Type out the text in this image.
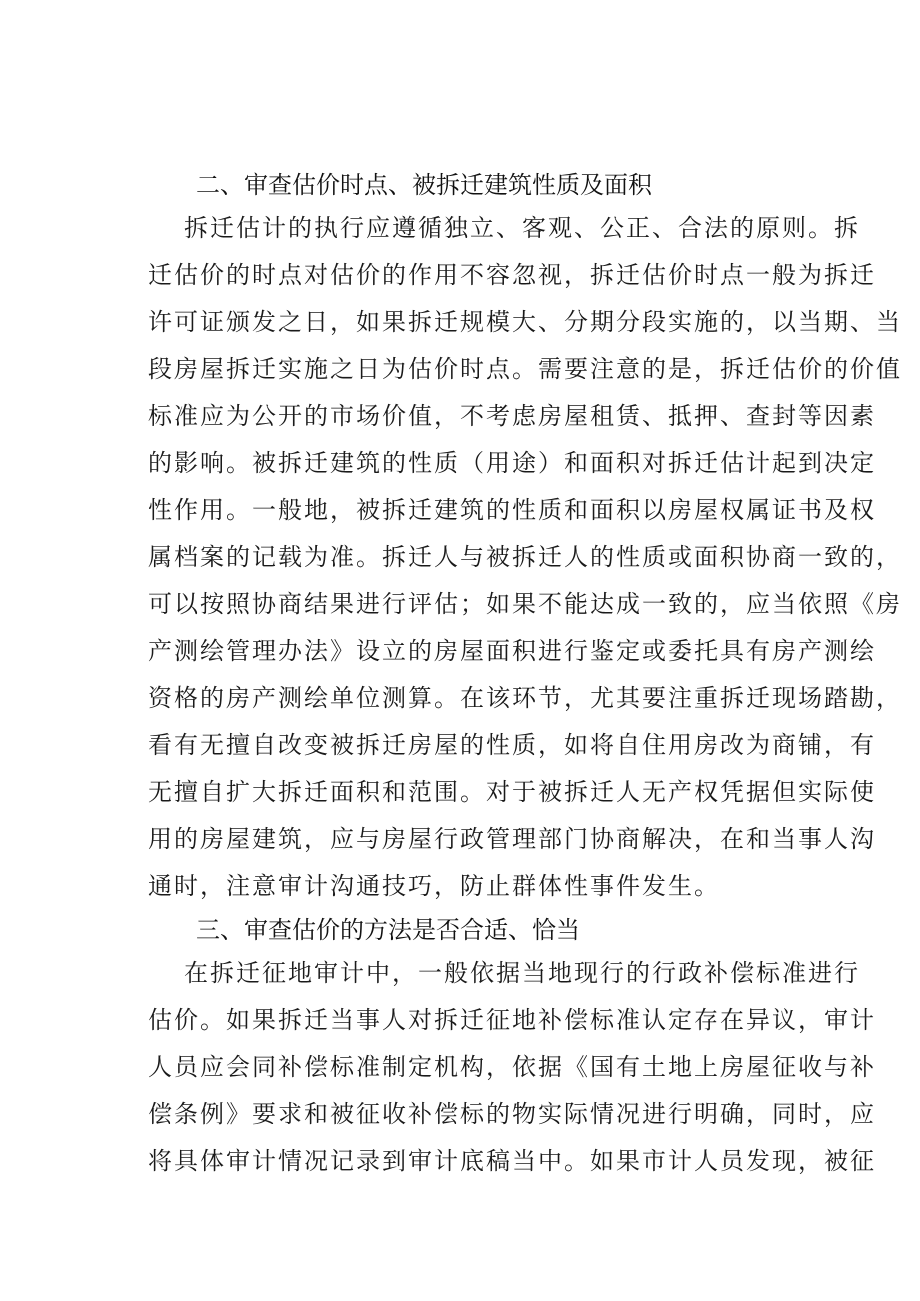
二、审查估价时点、被拆迁建筑性质及面积
拆迁估计的执行应遵循独立、客观、公正、合法的原则。拆
迁估价的时点对估价的作用不容忽视，拆迁估价时点一般为拆迁
许可证颁发之日，如果拆迁规模大、分期分段实施的，以当期、当
段房屋拆迁实施之日为估价时点。需要注意的是，拆迁估价的价值
标准应为公开的市场价值，不考虑房屋租赁、抵押、查封等因素
的影响。被拆迁建筑的性质（用途）和面积对拆迁估计起到决定
性作用。一般地，被拆迁建筑的性质和面积以房屋权属证书及权
属档案的记载为准。拆迁人与被拆迁人的性质或面积协商一致的，
可以按照协商结果进行评估；如果不能达成一致的，应当依照《房
产测绘管理办法》设立的房屋面积进行鉴定或委托具有房产测绘
资格的房产测绘单位测算。在该环节，尤其要注重拆迁现场踏勘，
看有无擅自改变被拆迁房屋的性质，如将自住用房改为商铺，有
无擅自扩大拆迁面积和范围。对于被拆迁人无产权凭据但实际使
用的房屋建筑，应与房屋行政管理部门协商解决，在和当事人沟
通时，注意审计沟通技巧，防止群体性事件发生。
三、审查估价的方法是否合适、恰当
在拆迁征地审计中，一般依据当地现行的行政补偿标准进行
估价。如果拆迁当事人对拆迁征地补偿标准认定存在异议，审计
人员应会同补偿标准制定机构，依据《国有土地上房屋征收与补
偿条例》要求和被征收补偿标的物实际情况进行明确，同时，应
将具体审计情况记录到审计底稿当中。如果市计人员发现，被征
